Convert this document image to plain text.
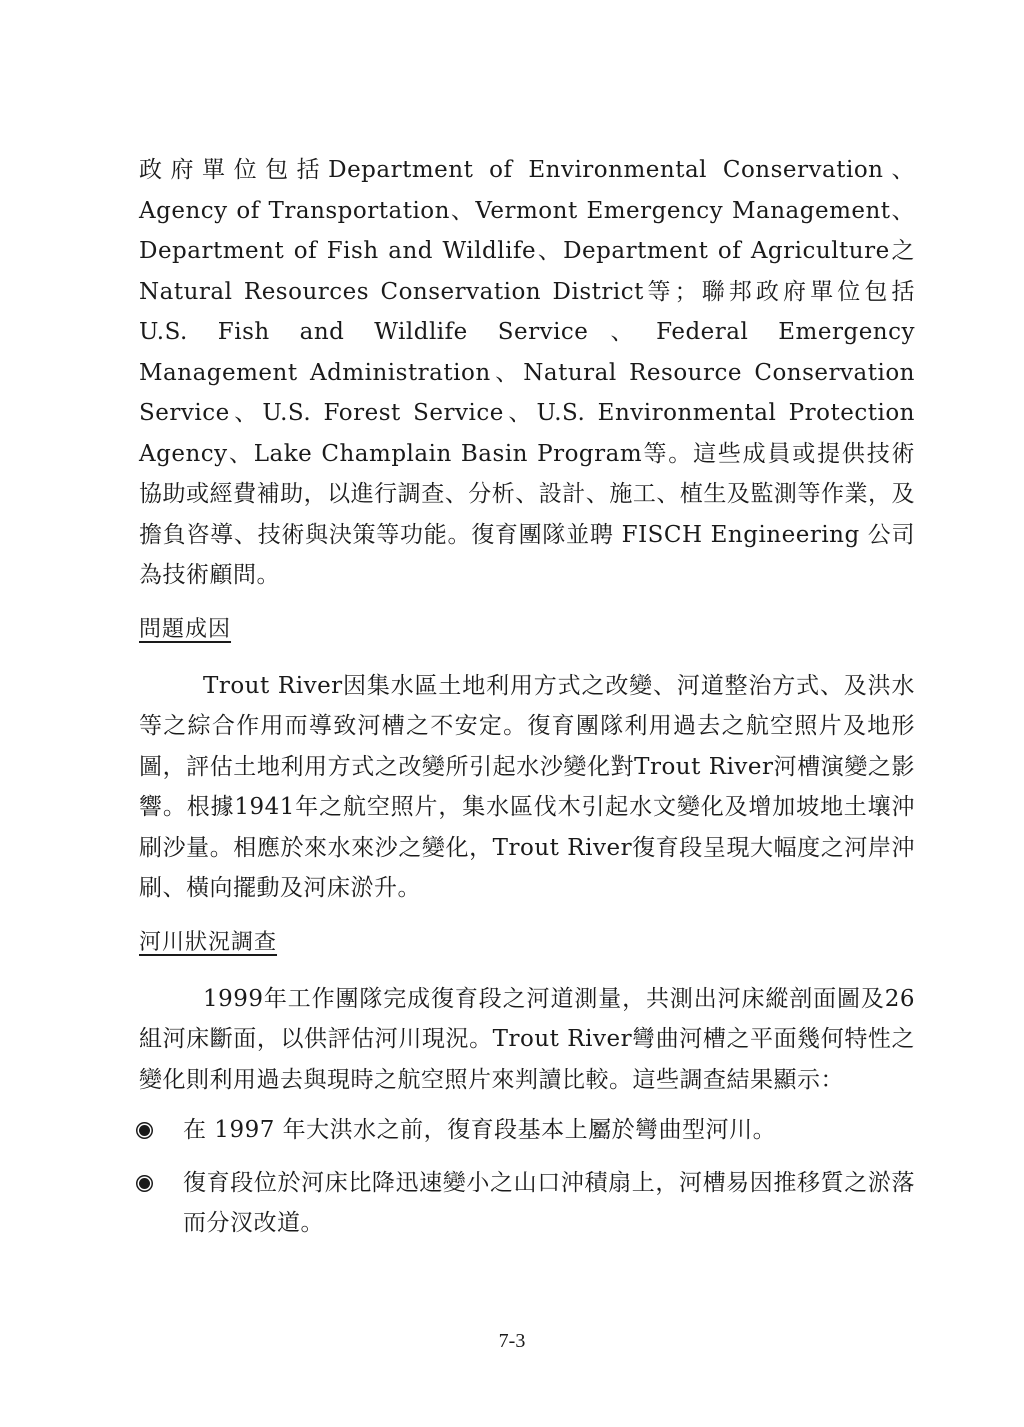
政府單位包括Department of Environmental Conservation、Agency of Transportation、Vermont Emergency Management、 Department of Fish and Wildlife、Department of Agriculture之Natural Resources Conservation District等；聯邦政府單位包括U.S. Fish and Wildlife Service、Federal Emergency Management Administration、Natural Resource Conservation Service、U.S. Forest Service、U.S. Environmental Protection Agency、Lake Champlain Basin Program等。這些成員或提供技術協助或經費補助，以進行調查、分析、設計、施工、植生及監測等作業，及擔負咨導、技術與決策等功能。復育團隊並聘 FISCH Engineering 公司為技術顧問。

問題成因

Trout River因集水區土地利用方式之改變、河道整治方式、及洪水等之綜合作用而導致河槽之不安定。復育團隊利用過去之航空照片及地形圖，評估土地利用方式之改變所引起水沙變化對Trout River河槽演變之影響。根據1941年之航空照片，集水區伐木引起水文變化及增加坡地土壤沖刷沙量。相應於來水來沙之變化，Trout River復育段呈現大幅度之河岸沖刷、橫向擺動及河床淤升。

河川狀況調查

1999年工作團隊完成復育段之河道測量，共測出河床縱剖面圖及26組河床斷面，以供評估河川現況。Trout River彎曲河槽之平面幾何特性之變化則利用過去與現時之航空照片來判讀比較。這些調查結果顯示：

在 1997 年大洪水之前，復育段基本上屬於彎曲型河川。
復育段位於河床比降迅速變小之山口沖積扇上，河槽易因推移質之淤落而分汊改道。
7-3
